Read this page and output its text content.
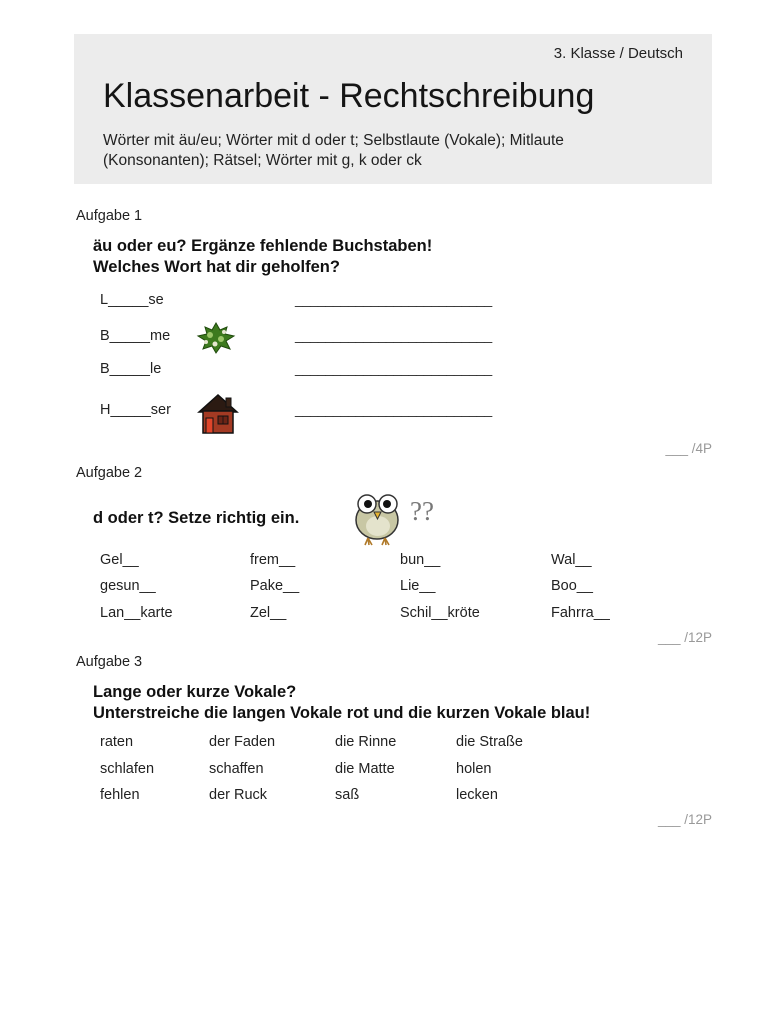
3. Klasse / Deutsch
Klassenarbeit - Rechtschreibung
Wörter mit äu/eu; Wörter mit d oder t; Selbstlaute (Vokale); Mitlaute (Konsonanten); Rätsel; Wörter mit g, k oder ck
Aufgabe 1
äu oder eu? Ergänze fehlende Buchstaben!
Welches Wort hat dir geholfen?
L_____se	__________________________
B_____me	__________________________
B_____le	__________________________
H_____ser	__________________________
___ /4P
Aufgabe 2
d oder t? Setze richtig ein.	??
Gel__	frem__	bun__	Wal__
gesun__	Pake__	Lie__	Boo__
Lan__karte	Zel__	Schil__kröte	Fahrra__
___ /12P
Aufgabe 3
Lange oder kurze Vokale?
Unterstreiche die langen Vokale rot und die kurzen Vokale blau!
raten	der Faden	die Rinne	die Straße
schlafen	schaffen	die Matte	holen
fehlen	der Ruck	saß	lecken
___ /12P
